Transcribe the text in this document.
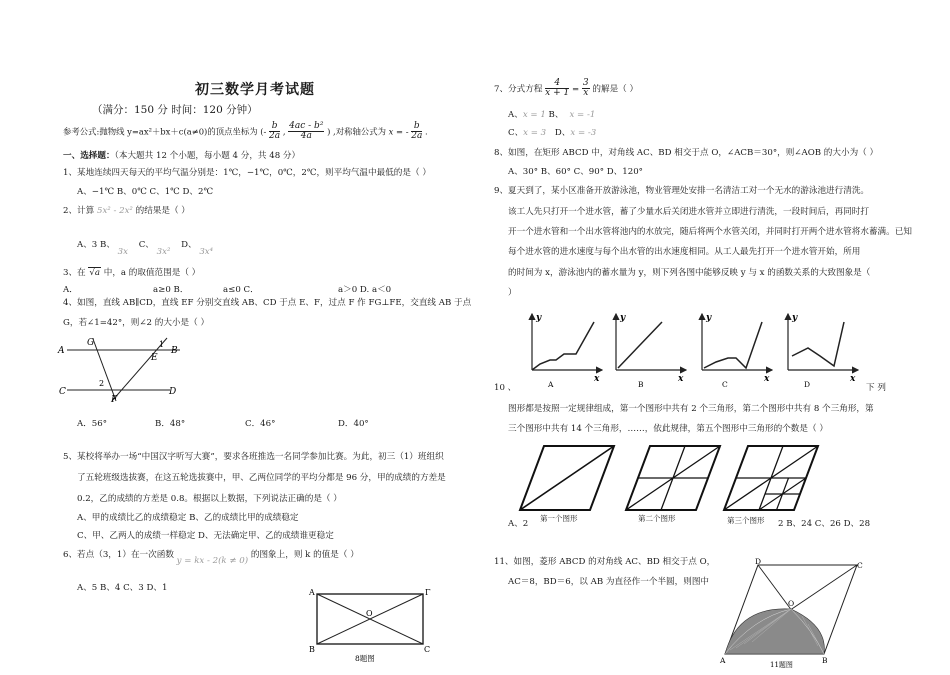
初三数学月考试题
（满分：150 分 时间：120 分钟）
参考公式:抛物线 y=ax²＋bx＋c(a≠0)的顶点坐标为 (- $\frac{b}{2a}$ , $\frac{\text{4ac - b²}}{4a}$ ) ,对称轴公式为 x = - $\frac{b}{2a}$ .
一、选择题：（本大题共 12 个小题，每小题 4 分，共 48 分）
1、某地连续四天每天的平均气温分别是：1℃，−1℃，0℃，2℃，则平均气温中最低的是（ ）
A、−1℃ B、0℃ C、1℃ D、2℃
2、计算 5x² - 2x² 的结果是（ ）
A、3 B、 3x C、 3x² D、 3x⁴
3、在 √a 中，a 的取值范围是（ ）
A．	a≥0 B．	a≤0 C．	a＞0 D. a＜0
4、如图，直线 AB∥CD，直线 EF 分别交直线 AB、CD 于点 E、F，过点 F 作 FG⊥FE，交直线 AB 于点
G，若∠1=42°，则∠2 的大小是（ ）
A
G	1
B
E
2
C	D
F
A．56°	B．48°	C．46°	D．40°
5、某校将举办一场“中国汉字听写大赛”，要求各班推选一名同学参加比赛。为此，初三（1）班组织
了五轮班级选拔赛，在这五轮选拔赛中，甲、乙两位同学的平均分都是 96 分，甲的成绩的方差是
0.2，乙的成绩的方差是 0.8。根据以上数据，下列说法正确的是（ ）
A、甲的成绩比乙的成绩稳定 B、乙的成绩比甲的成绩稳定
C、甲、乙两人的成绩一样稳定 D、无法确定甲、乙的成绩谁更稳定
6、若点（3，1）在一次函数 y = kx - 2(k ≠ 0) 的图象上，则 k 的值是（ ）
A、5 B、4 C、3 D、1	A	Γ
O
B	C
8题图
7、分式方程 $\frac{4}{x + 1} = \frac{3}{x}$ 的解是（ ）
A、x = 1 B、 x = -1
C、x = 3 D、x = -3
8、如图，在矩形 ABCD 中，对角线 AC、BD 相交于点 O，∠ACB＝30°，则∠AOB 的大小为（ ）
A、30° B、60° C、90° D、120°
9、夏天到了，某小区准备开放游泳池，物业管理处安排一名清洁工对一个无水的游泳池进行清洗。
该工人先只打开一个进水管，蓄了少量水后关闭进水管并立即进行清洗，一段时间后，再同时打
开一个进水管和一个出水管将池内的水放完，随后将两个水管关闭，并同时打开两个进水管将水蓄满。已知
每个进水管的进水速度与每个出水管的出水速度相同。从工人最先打开一个进水管开始，所用
的时间为 x，游泳池内的蓄水量为 y，则下列各图中能够反映 y 与 x 的函数关系的大致图象是（
）
y
x
A
y
x
B
y
x
C
y
x
D
10 、	下 列
图形都是按照一定规律组成，第一个图形中共有 2 个三角形，第二个图形中共有 8 个三角形，第
三个图形中共有 14 个三角形，……，依此规律，第五个图形中三角形的个数是（ ）
A、2
第一个图形	第二个图形	第三个图形 2 B、24 C、26 D、28
11、如图，菱形 ABCD 的对角线 AC、BD 相交于点 O，
AC＝8，BD＝6，以 AB 为直径作一个半圆，则图中
D	C
O
A	B
11题图
